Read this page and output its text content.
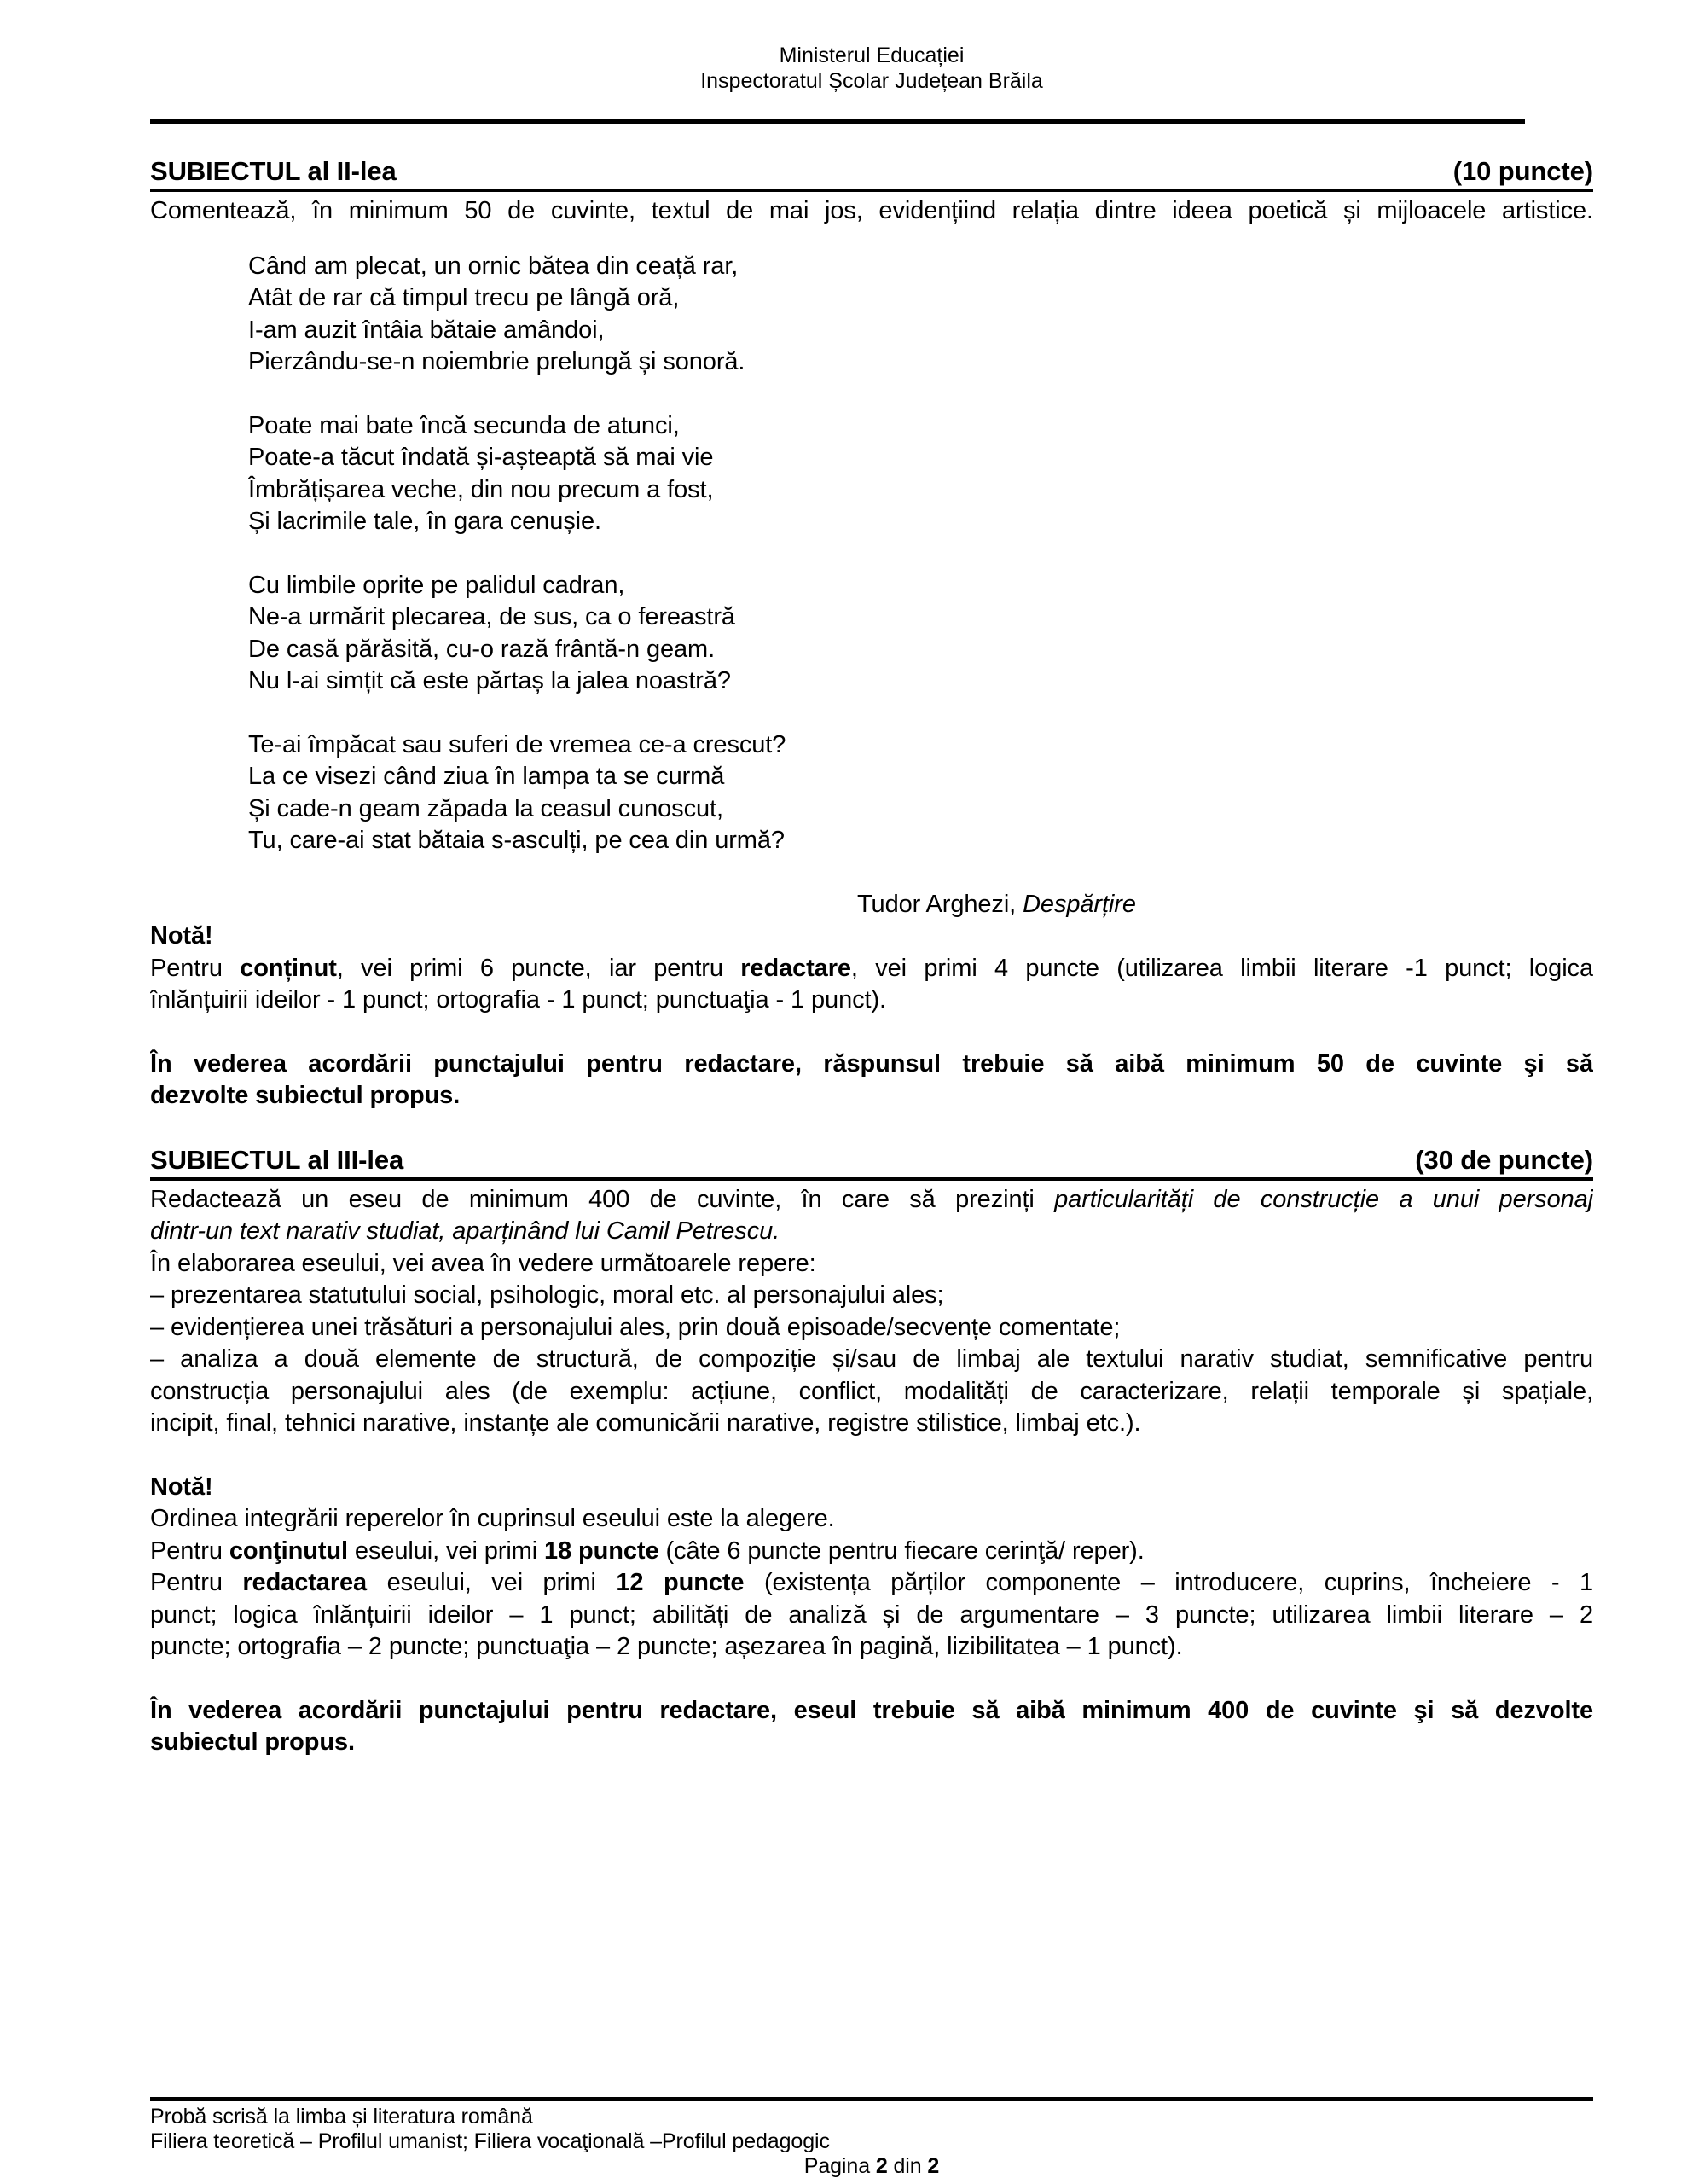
Ministerul Educației
Inspectoratul Școlar Județean Brăila
SUBIECTUL al II-lea	(10 puncte)
Comentează, în minimum 50 de cuvinte, textul de mai jos, evidențiind relația dintre ideea poetică și mijloacele artistice.
Când am plecat, un ornic bătea din ceață rar,
Atât de rar că timpul trecu pe lângă oră,
I-am auzit întâia bătaie amândoi,
Pierzându-se-n noiembrie prelungă și sonoră.
Poate mai bate încă secunda de atunci,
Poate-a tăcut îndată și-așteaptă să mai vie
Îmbrățișarea veche, din nou precum a fost,
Și lacrimile tale, în gara cenușie.
Cu limbile oprite pe palidul cadran,
Ne-a urmărit plecarea, de sus, ca o fereastră
De casă părăsită, cu-o rază frântă-n geam.
Nu l-ai simțit că este părtaș la jalea noastră?
Te-ai împăcat sau suferi de vremea ce-a crescut?
La ce visezi când ziua în lampa ta se curmă
Și cade-n geam zăpada la ceasul cunoscut,
Tu, care-ai stat bătaia s-asculți, pe cea din urmă?
Tudor Arghezi, Despărțire
Notă!
Pentru conținut, vei primi 6 puncte, iar pentru redactare, vei primi 4 puncte (utilizarea limbii literare -1 punct; logica
înlănțuirii ideilor - 1 punct; ortografia - 1 punct; punctuaţia - 1 punct).
În vederea acordării punctajului pentru redactare, răspunsul trebuie să aibă minimum 50 de cuvinte şi să
dezvolte subiectul propus.
SUBIECTUL al III-lea	(30 de puncte)
Redactează un eseu de minimum 400 de cuvinte, în care să prezinți particularități de construcție a unui personaj
dintr-un text narativ studiat, aparținând lui Camil Petrescu.
În elaborarea eseului, vei avea în vedere următoarele repere:
– prezentarea statutului social, psihologic, moral etc. al personajului ales;
– evidențierea unei trăsături a personajului ales, prin două episoade/secvențe comentate;
– analiza a două elemente de structură, de compoziție și/sau de limbaj ale textului narativ studiat, semnificative pentru
construcția personajului ales (de exemplu: acțiune, conflict, modalități de caracterizare, relații temporale și spațiale,
incipit, final, tehnici narative, instanțe ale comunicării narative, registre stilistice, limbaj etc.).
Notă!
Ordinea integrării reperelor în cuprinsul eseului este la alegere.
Pentru conţinutul eseului, vei primi 18 puncte (câte 6 puncte pentru fiecare cerinţă/ reper).
Pentru redactarea eseului, vei primi 12 puncte (existența părților componente – introducere, cuprins, încheiere - 1
punct; logica înlănțuirii ideilor – 1 punct; abilități de analiză și de argumentare – 3 puncte; utilizarea limbii literare – 2
puncte; ortografia – 2 puncte; punctuaţia – 2 puncte; așezarea în pagină, lizibilitatea – 1 punct).
În vederea acordării punctajului pentru redactare, eseul trebuie să aibă minimum 400 de cuvinte şi să dezvolte
subiectul propus.
Probă scrisă la limba și literatura română
Filiera teoretică – Profilul umanist; Filiera vocaţională –Profilul pedagogic
Pagina 2 din 2
